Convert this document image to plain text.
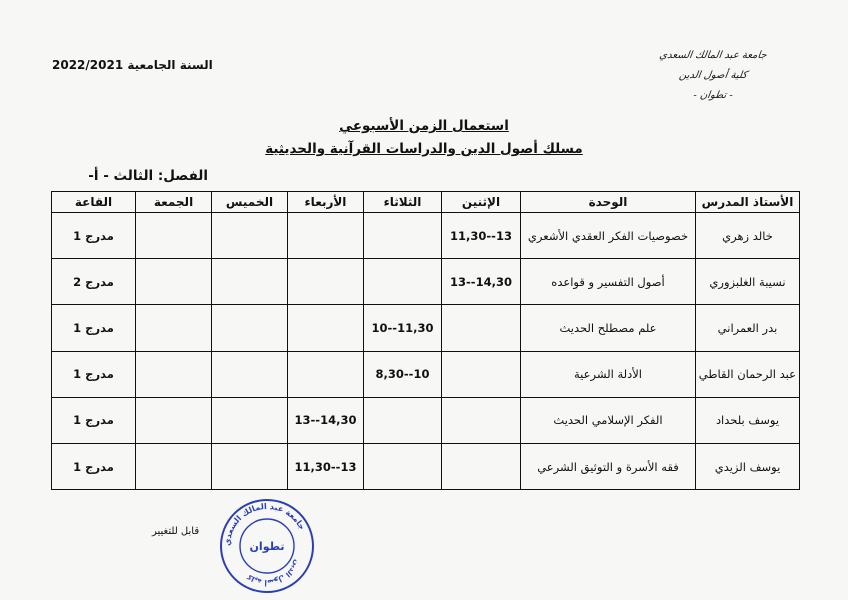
السنة الجامعية 2022/2021
جامعة عبد المالك السعدي
كلية أصول الدين
- تطوان -
استعمال الزمن الأسبوعي
مسلك أصول الدين والدراسات القرآنية والحديثية
الفصل: الثالث - أ-
الأستاذ المدرس	الوحدة	الإثنين	الثلاثاء	الأربعاء	الخميس	الجمعة	القاعة
خالد زهري	خصوصيات الفكر العقدي الأشعري	11,30--13					مدرج 1
نسيبة الغلبزوري	أصول التفسير و قواعده	13--14,30					مدرج 2
بدر العمراني	علم مصطلح الحديث		10--11,30				مدرج 1
عبد الرحمان القاطي	الأدلة الشرعية		8,30--10				مدرج 1
يوسف بلحداد	الفكر الإسلامي الحديث			13--14,30			مدرج 1
يوسف الزيدي	فقه الأسرة و التوثيق الشرعي			11,30--13			مدرج 1
قابل للتغيير
جامعة عبد المالك السعدي
كلية أصول الدين
تطوان
